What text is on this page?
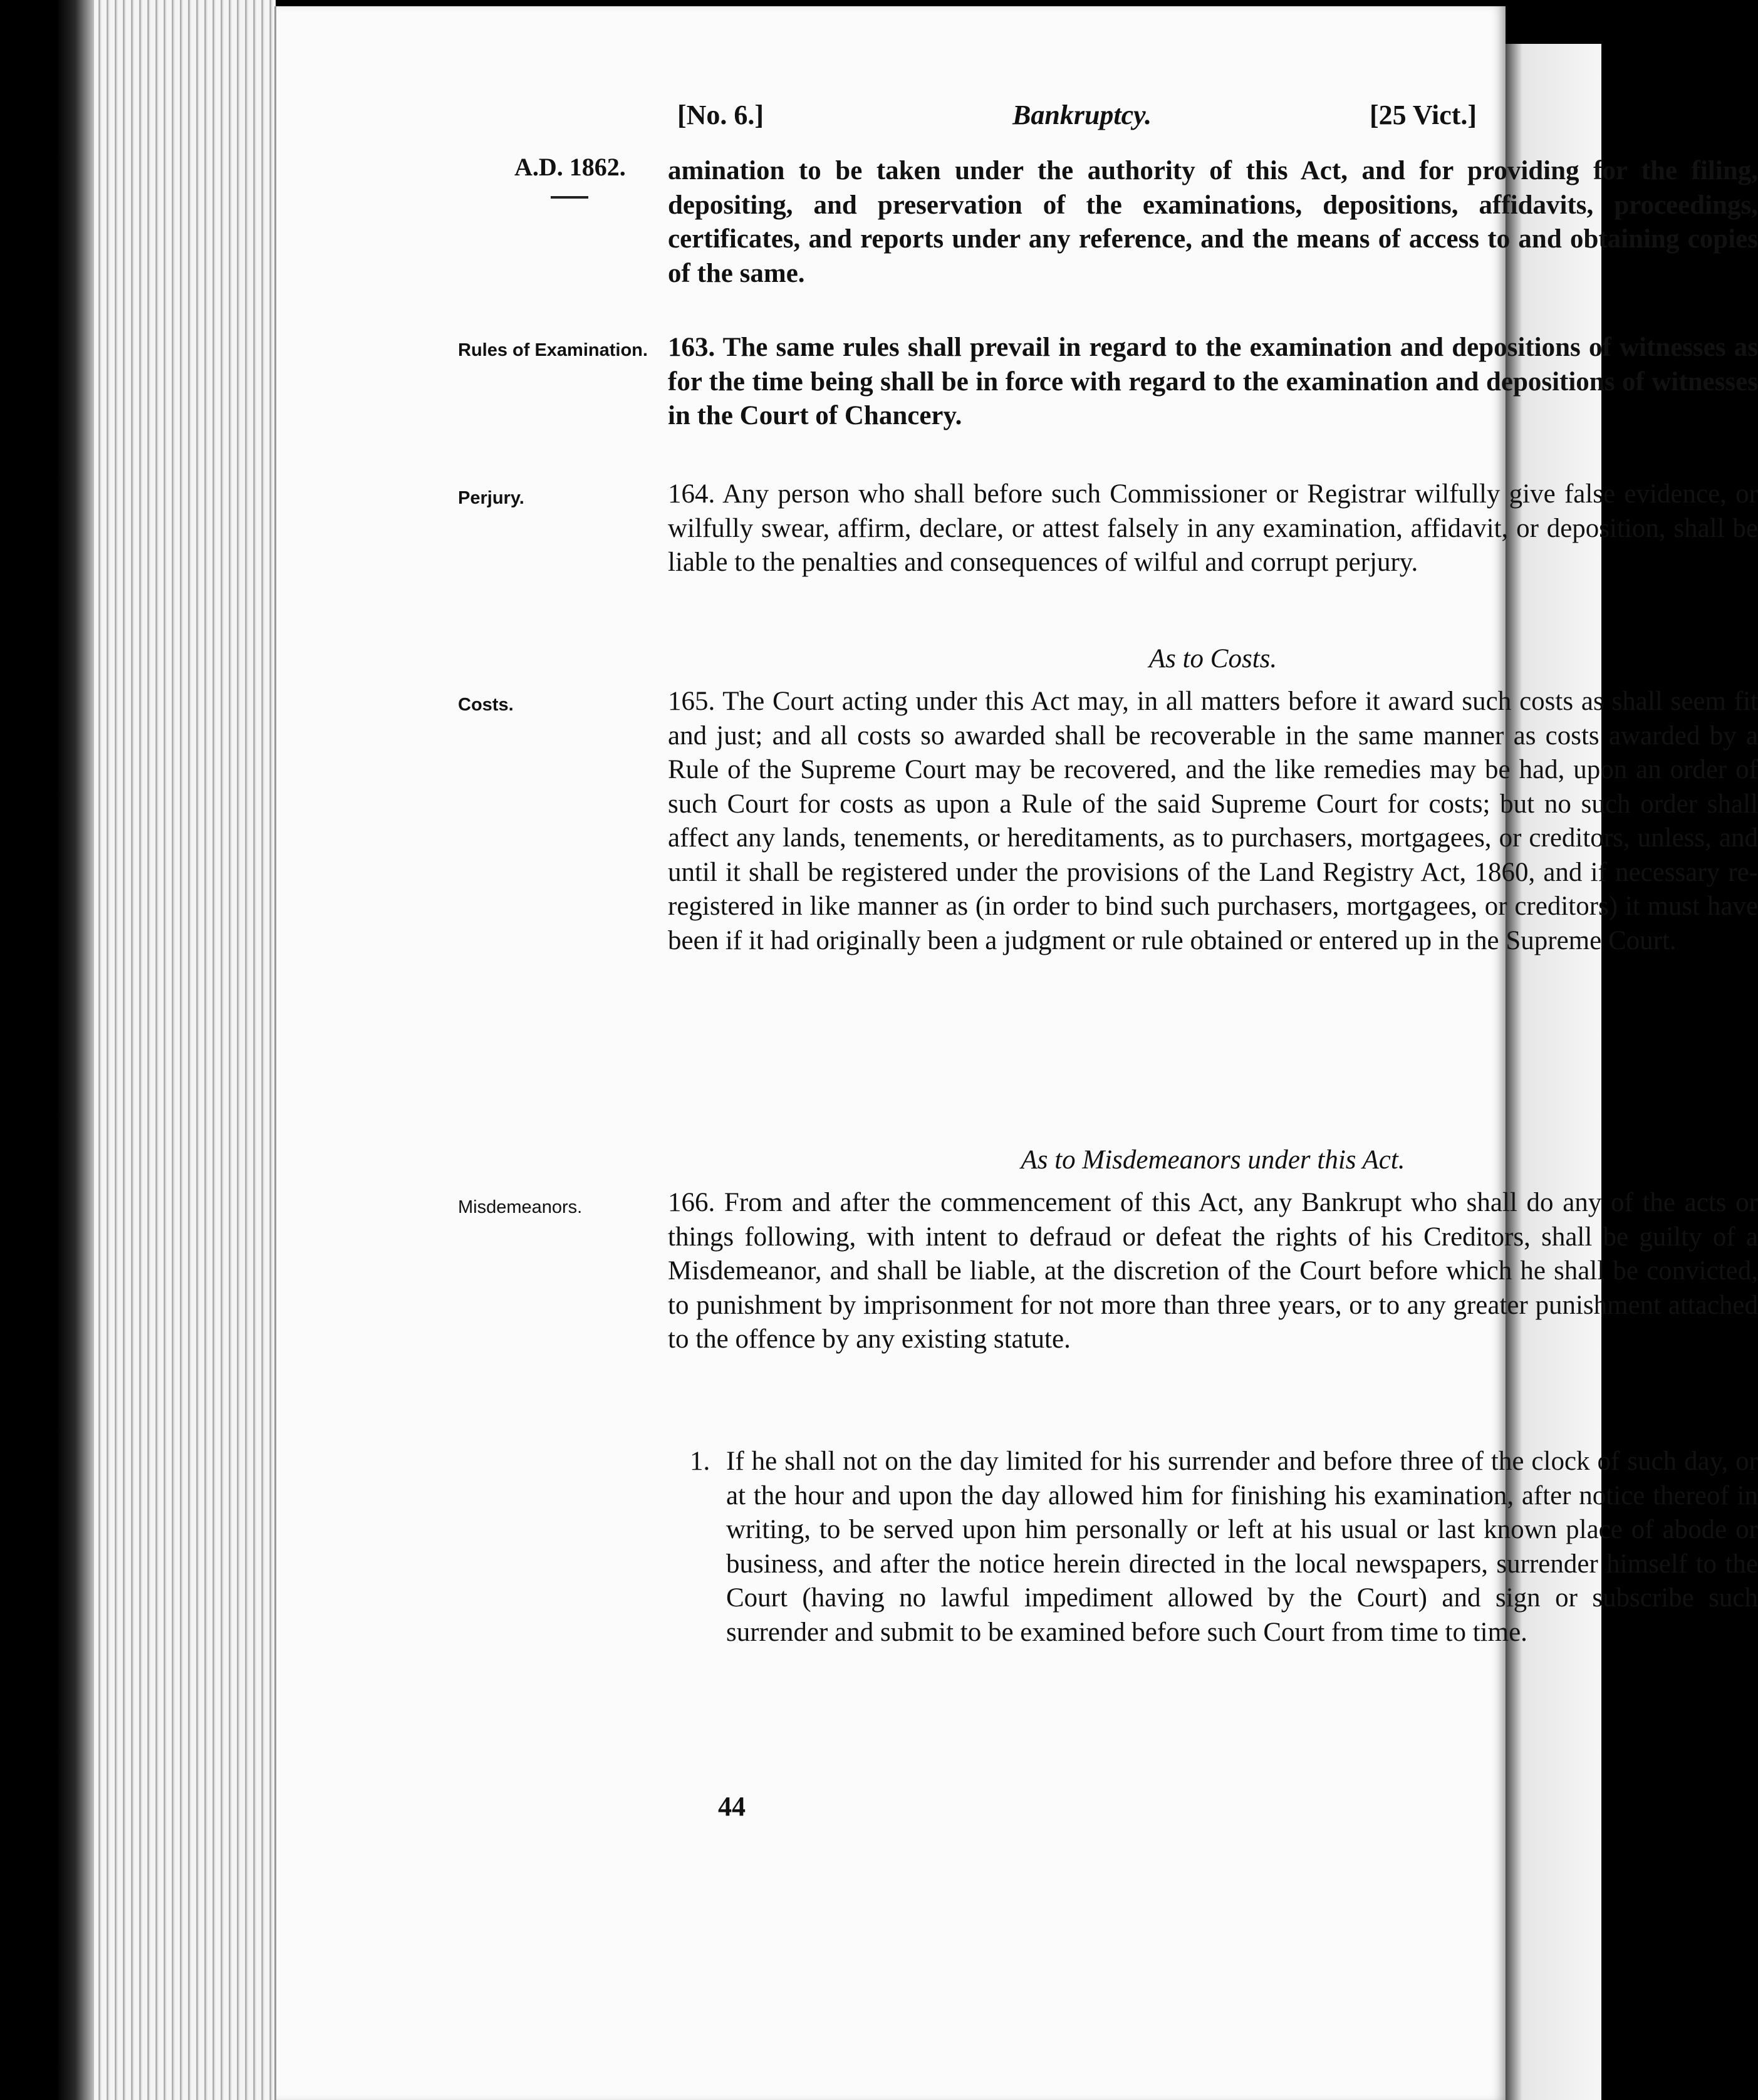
[No. 6.]	Bankruptcy.	[25 Vict.]
A.D. 1862.	amination to be taken under the authority of this Act, and for providing for the filing, depositing, and preservation of the examinations, depositions, affidavits, proceedings, certificates, and reports under any reference, and the means of access to and obtaining copies of the same.
Rules of Examination. 163. The same rules shall prevail in regard to the examination and depositions of witnesses as for the time being shall be in force with regard to the examination and depositions of witnesses in the Court of Chancery.
Perjury.	164. Any person who shall before such Commissioner or Registrar wilfully give false evidence, or wilfully swear, affirm, declare, or attest falsely in any examination, affidavit, or deposition, shall be liable to the penalties and consequences of wilful and corrupt perjury.
As to Costs.
Costs.	165. The Court acting under this Act may, in all matters before it award such costs as shall seem fit and just; and all costs so awarded shall be recoverable in the same manner as costs awarded by a Rule of the Supreme Court may be recovered, and the like remedies may be had, upon an order of such Court for costs as upon a Rule of the said Supreme Court for costs; but no such order shall affect any lands, tenements, or hereditaments, as to purchasers, mortgagees, or creditors, unless, and until it shall be registered under the provisions of the Land Registry Act, 1860, and if necessary re-registered in like manner as (in order to bind such purchasers, mortgagees, or creditors) it must have been if it had originally been a judgment or rule obtained or entered up in the Supreme Court.
As to Misdemeanors under this Act.
Misdemeanors.	166. From and after the commencement of this Act, any Bankrupt who shall do any of the acts or things following, with intent to defraud or defeat the rights of his Creditors, shall be guilty of a Misdemeanor, and shall be liable, at the discretion of the Court before which he shall be convicted, to punishment by imprisonment for not more than three years, or to any greater punishment attached to the offence by any existing statute.
1. If he shall not on the day limited for his surrender and before three of the clock of such day, or at the hour and upon the day allowed him for finishing his examination, after notice thereof in writing, to be served upon him personally or left at his usual or last known place of abode or business, and after the notice herein directed in the local newspapers, surrender himself to the Court (having no lawful impediment allowed by the Court) and sign or subscribe such surrender and submit to be examined before such Court from time to time.
44
